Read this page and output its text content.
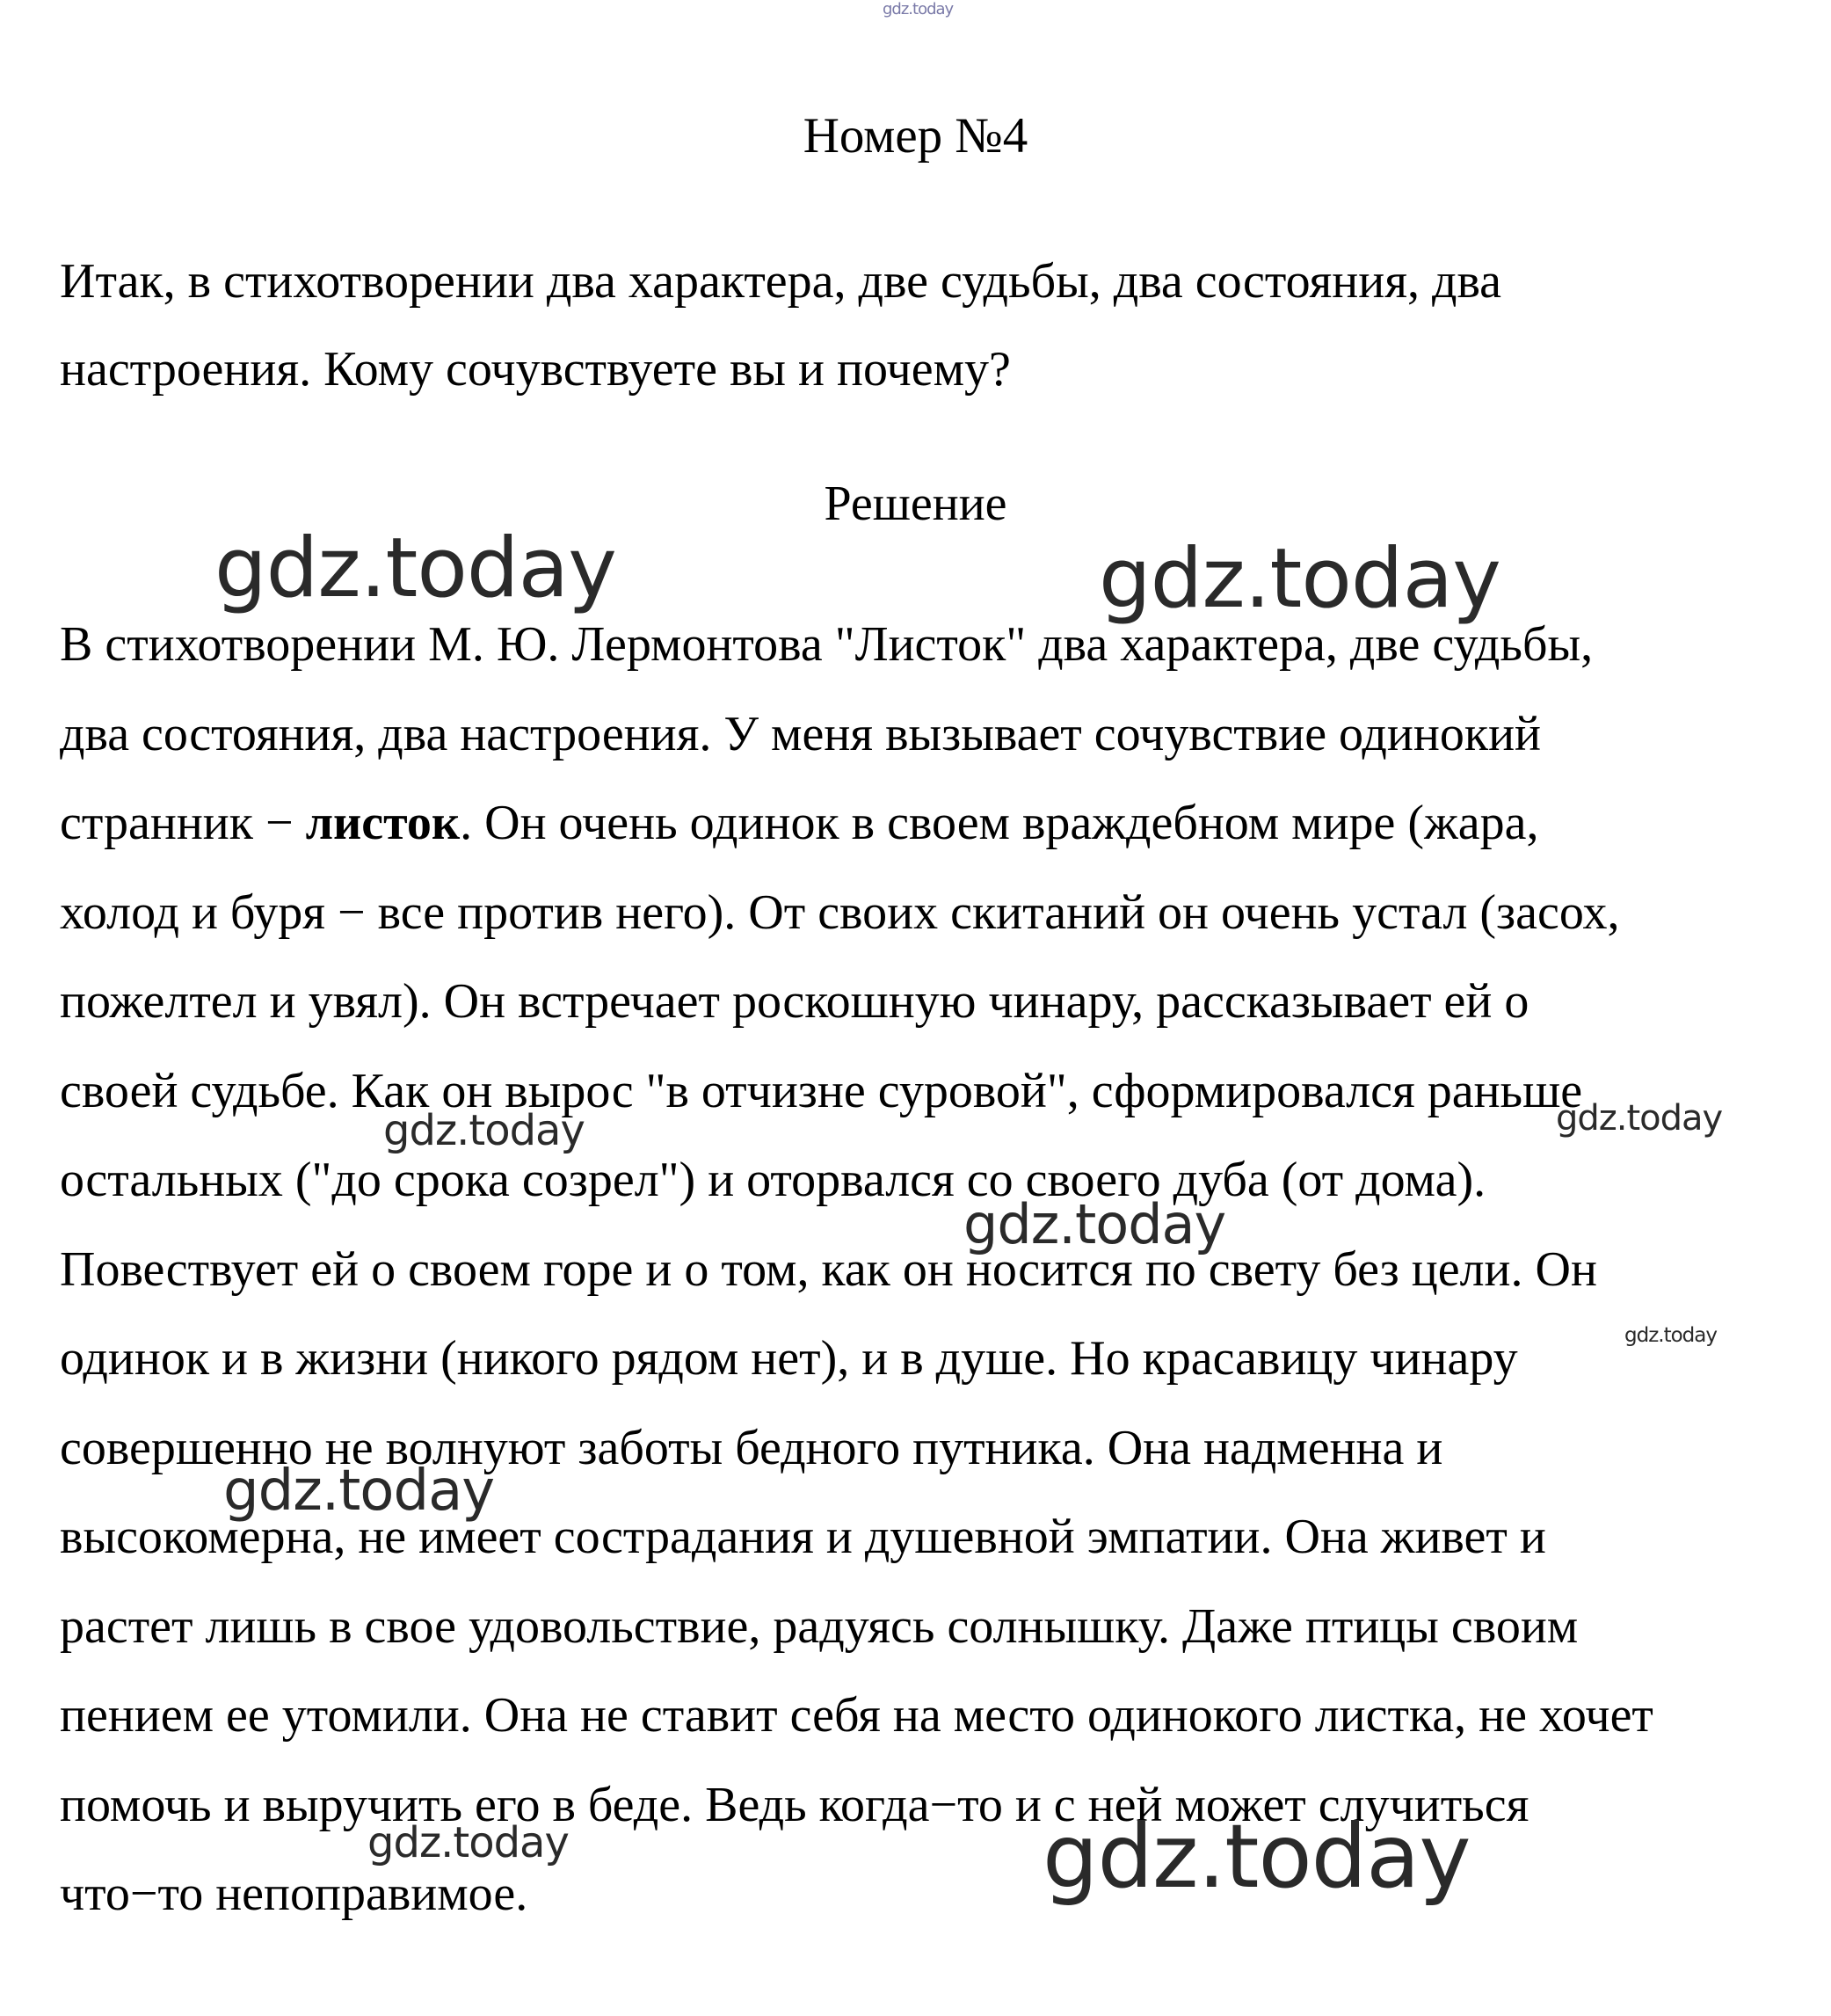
gdz.today
Номер №4
Итак, в стихотворении два характера, две судьбы, два состояния, два
настроения. Кому сочувствуете вы и почему?
Решение
В стихотворении М. Ю. Лермонтова "Листок" два характера, две судьбы,
два состояния, два настроения. У меня вызывает сочувствие одинокий
странник − листок. Он очень одинок в своем враждебном мире (жара,
холод и буря − все против него). От своих скитаний он очень устал (засох,
пожелтел и увял). Он встречает роскошную чинару, рассказывает ей о
своей судьбе. Как он вырос "в отчизне суровой", сформировался раньше
остальных ("до срока созрел") и оторвался со своего дуба (от дома).
Повествует ей о своем горе и о том, как он носится по свету без цели. Он
одинок и в жизни (никого рядом нет), и в душе. Но красавицу чинару
совершенно не волнуют заботы бедного путника. Она надменна и
высокомерна, не имеет сострадания и душевной эмпатии. Она живет и
растет лишь в свое удовольствие, радуясь солнышку. Даже птицы своим
пением ее утомили. Она не ставит себя на место одинокого листка, не хочет
помочь и выручить его в беде. Ведь когда−то и с ней может случиться
что−то непоправимое.
gdz.today	gdz.today
gdz.today	gdz.today
gdz.today
gdz.today
gdz.today
gdz.today	gdz.today
